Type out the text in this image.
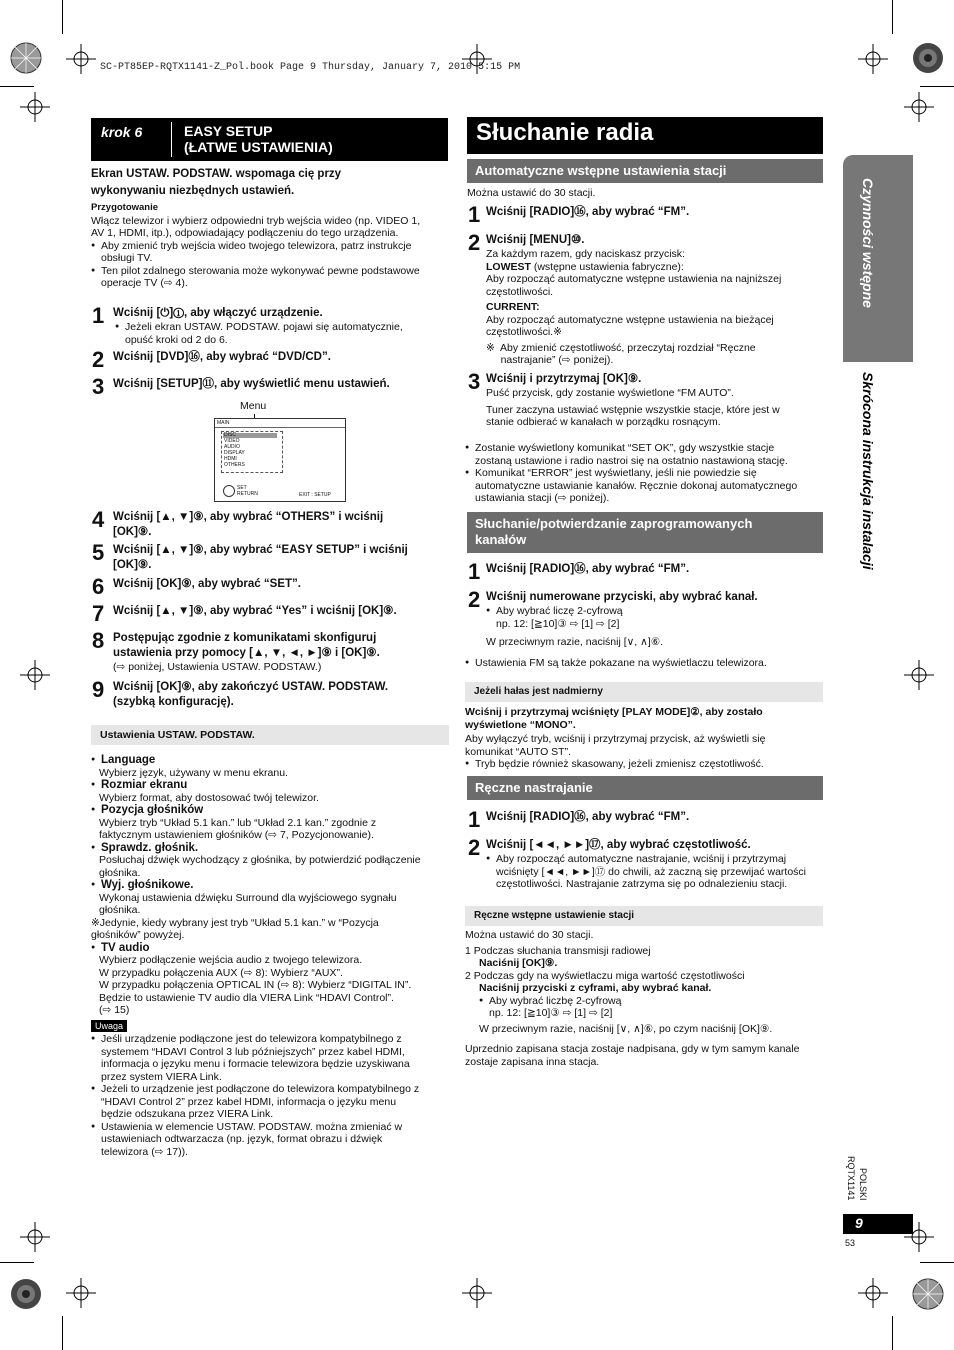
SC-PT85EP-RQTX1141-Z_Pol.book Page 9 Thursday, January 7, 2010 5:15 PM
krok 6	EASY SETUP
(ŁATWE USTAWIENIA)
Ekran USTAW. PODSTAW. wspomaga cię przy
wykonywaniu niezbędnych ustawień.
Przygotowanie
Włącz telewizor i wybierz odpowiedni tryb wejścia wideo (np. VIDEO 1,
AV 1, HDMI, itp.), odpowiadający podłączeniu do tego urządzenia.
● Aby zmienić tryb wejścia wideo twojego telewizora, patrz instrukcje
obsługi TV.
● Ten pilot zdalnego sterowania może wykonywać pewne podstawowe
operacje TV (⇨ 4).
1 Wciśnij [⏻]①, aby włączyć urządzenie.
● Jeżeli ekran USTAW. PODSTAW. pojawi się automatycznie,
opuść kroki od 2 do 6.
2 Wciśnij [DVD]⑯, aby wybrać “DVD/CD”.
3 Wciśnij [SETUP]⑪, aby wyświetlić menu ustawień.
Menu
MAIN
DISC
VIDEO
AUDIO
DISPLAY
HDMI
OTHERS
SET
RETURN	EXIT : SETUP
4 Wciśnij [▲, ▼]⑨, aby wybrać “OTHERS” i wciśnij
[OK]⑨.
5 Wciśnij [▲, ▼]⑨, aby wybrać “EASY SETUP” i wciśnij
[OK]⑨.
6 Wciśnij [OK]⑨, aby wybrać “SET”.
7 Wciśnij [▲, ▼]⑨, aby wybrać “Yes” i wciśnij [OK]⑨.
8 Postępując zgodnie z komunikatami skonfiguruj
ustawienia przy pomocy [▲, ▼, ◄, ►]⑨ i [OK]⑨.
(⇨ poniżej, Ustawienia USTAW. PODSTAW.)
9 Wciśnij [OK]⑨, aby zakończyć USTAW. PODSTAW.
(szybką konfigurację).
Ustawienia USTAW. PODSTAW.
● Language
Wybierz język, używany w menu ekranu.
● Rozmiar ekranu
Wybierz format, aby dostosować twój telewizor.
● Pozycja głośników
Wybierz tryb “Układ 5.1 kan.” lub “Układ 2.1 kan.” zgodnie z
faktycznym ustawieniem głośników (⇨ 7, Pozycjonowanie).
● Sprawdz. głośnik.
Posłuchaj dźwięk wychodzący z głośnika, by potwierdzić podłączenie
głośnika.
● Wyj. głośnikowe.
Wykonaj ustawienia dźwięku Surround dla wyjściowego sygnału
głośnika.
※Jedynie, kiedy wybrany jest tryb “Układ 5.1 kan.” w “Pozycja
głośników” powyżej.
● TV audio
Wybierz podłączenie wejścia audio z twojego telewizora.
W przypadku połączenia AUX (⇨ 8): Wybierz “AUX”.
W przypadku połączenia OPTICAL IN (⇨ 8): Wybierz “DIGITAL IN”.
Będzie to ustawienie TV audio dla VIERA Link “HDAVI Control”.
(⇨ 15)
Uwaga
● Jeśli urządzenie podłączone jest do telewizora kompatybilnego z
systemem “HDAVI Control 3 lub późniejszych” przez kabel HDMI,
informacja o języku menu i formacie telewizora będzie uzyskiwana
przez system VIERA Link.
● Jeżeli to urządzenie jest podłączone do telewizora kompatybilnego z
“HDAVI Control 2” przez kabel HDMI, informacja o języku menu
będzie odszukana przez VIERA Link.
● Ustawienia w elemencie USTAW. PODSTAW. można zmieniać w
ustawieniach odtwarzacza (np. język, format obrazu i dźwięk
telewizora (⇨ 17)).
Słuchanie radia
Automatyczne wstępne ustawienia stacji
Można ustawić do 30 stacji.
1 Wciśnij [RADIO]⑯, aby wybrać “FM”.
2 Wciśnij [MENU]⑩.
Za każdym razem, gdy naciskasz przycisk:
LOWEST (wstępne ustawienia fabryczne):
Aby rozpocząć automatyczne wstępne ustawienia na najniższej
częstotliwości.
CURRENT:
Aby rozpocząć automatyczne wstępne ustawienia na bieżącej
częstotliwości.※
※  Aby zmienić częstotliwość, przeczytaj rozdział “Ręczne
nastrajanie” (⇨ poniżej).
3 Wciśnij i przytrzymaj [OK]⑨.
Puść przycisk, gdy zostanie wyświetlone “FM AUTO”.
Tuner zaczyna ustawiać wstępnie wszystkie stacje, które jest w
stanie odbierać w kanałach w porządku rosnącym.
● Zostanie wyświetlony komunikat “SET OK”, gdy wszystkie stacje
zostaną ustawione i radio nastroi się na ostatnio nastawioną stację.
● Komunikat “ERROR” jest wyświetlany, jeśli nie powiedzie się
automatyczne ustawianie kanałów. Ręcznie dokonaj automatycznego
ustawiania stacji (⇨ poniżej).
Słuchanie/potwierdzanie zaprogramowanych
kanałów
1 Wciśnij [RADIO]⑯, aby wybrać “FM”.
2 Wciśnij numerowane przyciski, aby wybrać kanał.
● Aby wybrać liczę 2-cyfrową
np. 12: [≧10]③ ⇨ [1] ⇨ [2]
W przeciwnym razie, naciśnij [∨, ∧]⑥.
● Ustawienia FM są także pokazane na wyświetlaczu telewizora.
Jeżeli hałas jest nadmierny
Wciśnij i przytrzymaj wciśnięty [PLAY MODE]②, aby zostało
wyświetlone “MONO”.
Aby wyłączyć tryb, wciśnij i przytrzymaj przycisk, aż wyświetli się
komunikat “AUTO ST”.
● Tryb będzie również skasowany, jeżeli zmienisz częstotliwość.
Ręczne nastrajanie
1 Wciśnij [RADIO]⑯, aby wybrać “FM”.
2 Wciśnij [◄◄, ►►]⑰, aby wybrać częstotliwość.
● Aby rozpocząć automatyczne nastrajanie, wciśnij i przytrzymaj
wciśnięty [◄◄, ►►]⑰ do chwili, aż zaczną się przewijać wartości
częstotliwości. Nastrajanie zatrzyma się po odnalezieniu stacji.
Ręczne wstępne ustawienie stacji
Można ustawić do 30 stacji.
1 Podczas słuchania transmisji radiowej
Naciśnij [OK]⑨.
2 Podczas gdy na wyświetlaczu miga wartość częstotliwości
Naciśnij przyciski z cyframi, aby wybrać kanał.
● Aby wybrać liczbę 2-cyfrową
np. 12: [≧10]③ ⇨ [1] ⇨ [2]
W przeciwnym razie, naciśnij [∨, ∧]⑥, po czym naciśnij [OK]⑨.
Uprzednio zapisana stacja zostaje nadpisana, gdy w tym samym kanale
zostaje zapisana inna stacja.
Czynności wstępne
Skrócona instrukcja instalacji
RQTX1141 POLSKI
9
53
